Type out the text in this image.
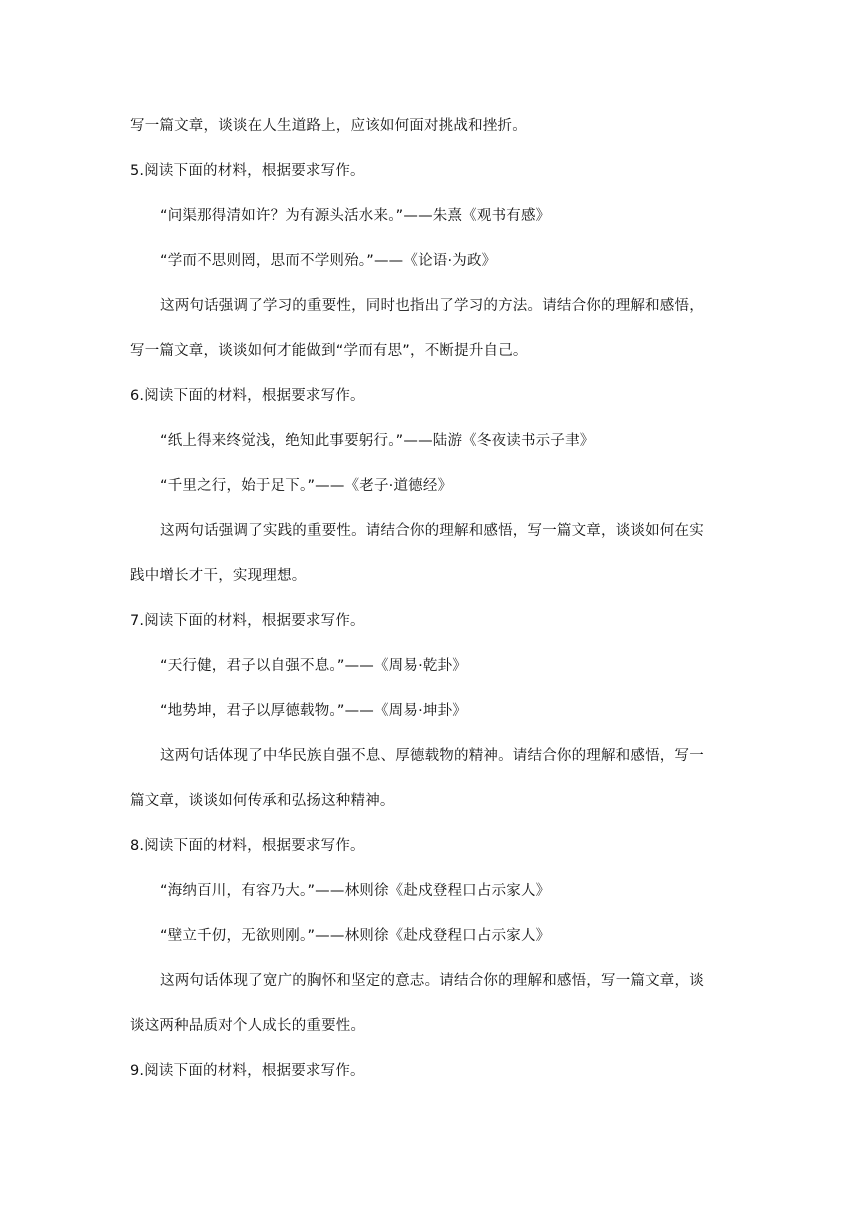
写一篇文章，谈谈在人生道路上，应该如何面对挑战和挫折。
5.阅读下面的材料，根据要求写作。
“问渠那得清如许？为有源头活水来。”——朱熹《观书有感》
“学而不思则罔，思而不学则殆。”——《论语·为政》
这两句话强调了学习的重要性，同时也指出了学习的方法。请结合你的理解和感悟，
写一篇文章，谈谈如何才能做到“学而有思”，不断提升自己。
6.阅读下面的材料，根据要求写作。
“纸上得来终觉浅，绝知此事要躬行。”——陆游《冬夜读书示子聿》
“千里之行，始于足下。”——《老子·道德经》
这两句话强调了实践的重要性。请结合你的理解和感悟，写一篇文章，谈谈如何在实
践中增长才干，实现理想。
7.阅读下面的材料，根据要求写作。
“天行健，君子以自强不息。”——《周易·乾卦》
“地势坤，君子以厚德载物。”——《周易·坤卦》
这两句话体现了中华民族自强不息、厚德载物的精神。请结合你的理解和感悟，写一
篇文章，谈谈如何传承和弘扬这种精神。
8.阅读下面的材料，根据要求写作。
“海纳百川，有容乃大。”——林则徐《赴戍登程口占示家人》
“壁立千仞，无欲则刚。”——林则徐《赴戍登程口占示家人》
这两句话体现了宽广的胸怀和坚定的意志。请结合你的理解和感悟，写一篇文章，谈
谈这两种品质对个人成长的重要性。
9.阅读下面的材料，根据要求写作。
